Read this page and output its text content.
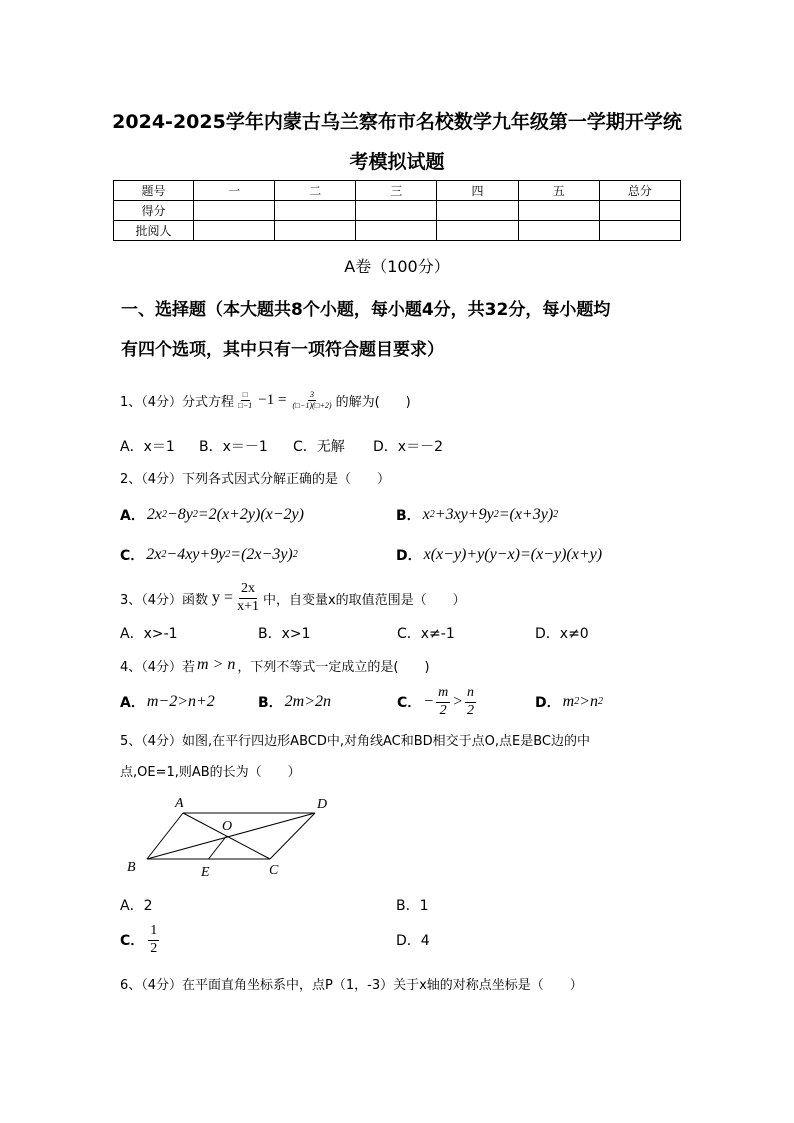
2024-2025学年内蒙古乌兰察布市名校数学九年级第一学期开学统
考模拟试题
题号	一	二	三	四	五	总分
得分						
批阅人						
A卷（100分）
一、选择题（本大题共8个小题，每小题4分，共32分，每小题均
有四个选项，其中只有一项符合题目要求）
1、（4分）分式方程 $\frac{□}{□-1} -1 = \frac{3}{(□-1)(□+2)}$ 的解为(　　)
A．x＝1	B．x＝－1	C．无解	D．x＝－2
2、（4分）下列各式因式分解正确的是（　　）
A． 2x 2 −8y 2 =2(x+2y)(x−2y)	B． x 2 +3xy+9y 2 =(x+3y) 2
C． 2x 2 −4xy+9y 2 =(2x−3y) 2	D． x(x−y)+y(y−x)=(x−y)(x+y)
3、（4分）函数 $y = \frac{2x}{x+1}$ 中，自变量x的取值范围是（　　）
A．x>-1	B．x>1	C．x≠-1	D．x≠0
4、（4分）若 m > n ，下列不等式一定成立的是(　　)
A． m−2>n+2	B． 2m>2n	C． − $\frac{m}{2} > \frac{n}{2}$	D． m 2 >n 2
5、（4分）如图,在平行四边形ABCD中,对角线AC和BD相交于点O,点E是BC边的中
点,OE=1,则AB的长为（　　）
A	D
O
B	E	C
A．2	B．1
C． $\frac{1}{2}$	D．4
6、（4分）在平面直角坐标系中，点P（1，-3）关于x轴的对称点坐标是（　　）
